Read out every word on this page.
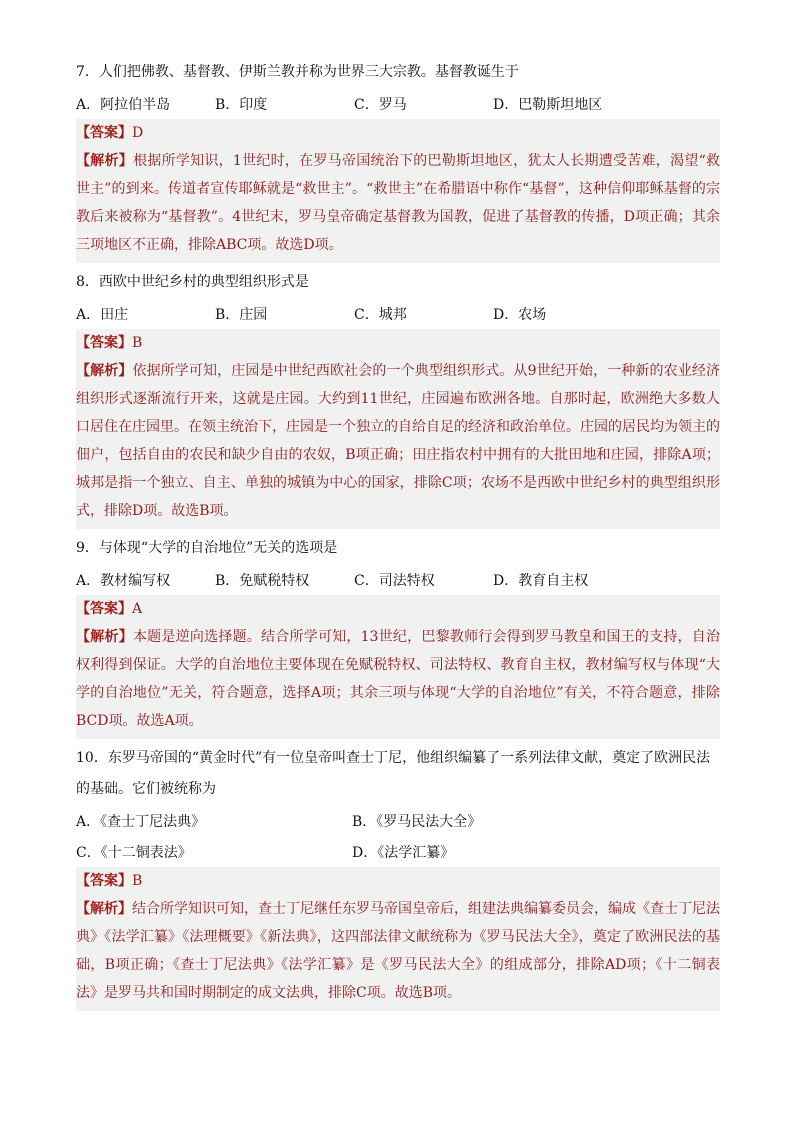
7．人们把佛教、基督教、伊斯兰教并称为世界三大宗教。基督教诞生于
A．阿拉伯半岛	B．印度	C．罗马	D．巴勒斯坦地区
【答案】D
【解析】根据所学知识，1世纪时，在罗马帝国统治下的巴勒斯坦地区，犹太人长期遭受苦难，渴望“救世主”的到来。传道者宣传耶稣就是“救世主”。“救世主”在希腊语中称作“基督”，这种信仰耶稣基督的宗教后来被称为“基督教”。4世纪末，罗马皇帝确定基督教为国教，促进了基督教的传播，D项正确；其余三项地区不正确，排除ABC项。故选D项。
8．西欧中世纪乡村的典型组织形式是
A．田庄	B．庄园	C．城邦	D．农场
【答案】B
【解析】依据所学可知，庄园是中世纪西欧社会的一个典型组织形式。从9世纪开始，一种新的农业经济组织形式逐渐流行开来，这就是庄园。大约到11世纪，庄园遍布欧洲各地。自那时起，欧洲绝大多数人口居住在庄园里。在领主统治下，庄园是一个独立的自给自足的经济和政治单位。庄园的居民均为领主的佃户，包括自由的农民和缺少自由的农奴，B项正确；田庄指农村中拥有的大批田地和庄园，排除A项；城邦是指一个独立、自主、单独的城镇为中心的国家，排除C项；农场不是西欧中世纪乡村的典型组织形式，排除D项。故选B项。
9．与体现“大学的自治地位”无关的选项是
A．教材编写权	B．免赋税特权	C．司法特权	D．教育自主权
【答案】A
【解析】本题是逆向选择题。结合所学可知，13世纪，巴黎教师行会得到罗马教皇和国王的支持，自治权利得到保证。大学的自治地位主要体现在免赋税特权、司法特权、教育自主权，教材编写权与体现“大学的自治地位”无关，符合题意，选择A项；其余三项与体现“大学的自治地位”有关，不符合题意，排除BCD项。故选A项。
10．东罗马帝国的“黄金时代”有一位皇帝叫查士丁尼，他组织编纂了一系列法律文献，奠定了欧洲民法的基础。它们被统称为
A．《查士丁尼法典》	B．《罗马民法大全》
C．《十二铜表法》	D．《法学汇纂》
【答案】B
【解析】结合所学知识可知，查士丁尼继任东罗马帝国皇帝后，组建法典编纂委员会，编成《查士丁尼法典》《法学汇纂》《法理概要》《新法典》，这四部法律文献统称为《罗马民法大全》，奠定了欧洲民法的基础，B项正确；《查士丁尼法典》《法学汇纂》是《罗马民法大全》的组成部分，排除AD项；《十二铜表法》是罗马共和国时期制定的成文法典，排除C项。故选B项。
